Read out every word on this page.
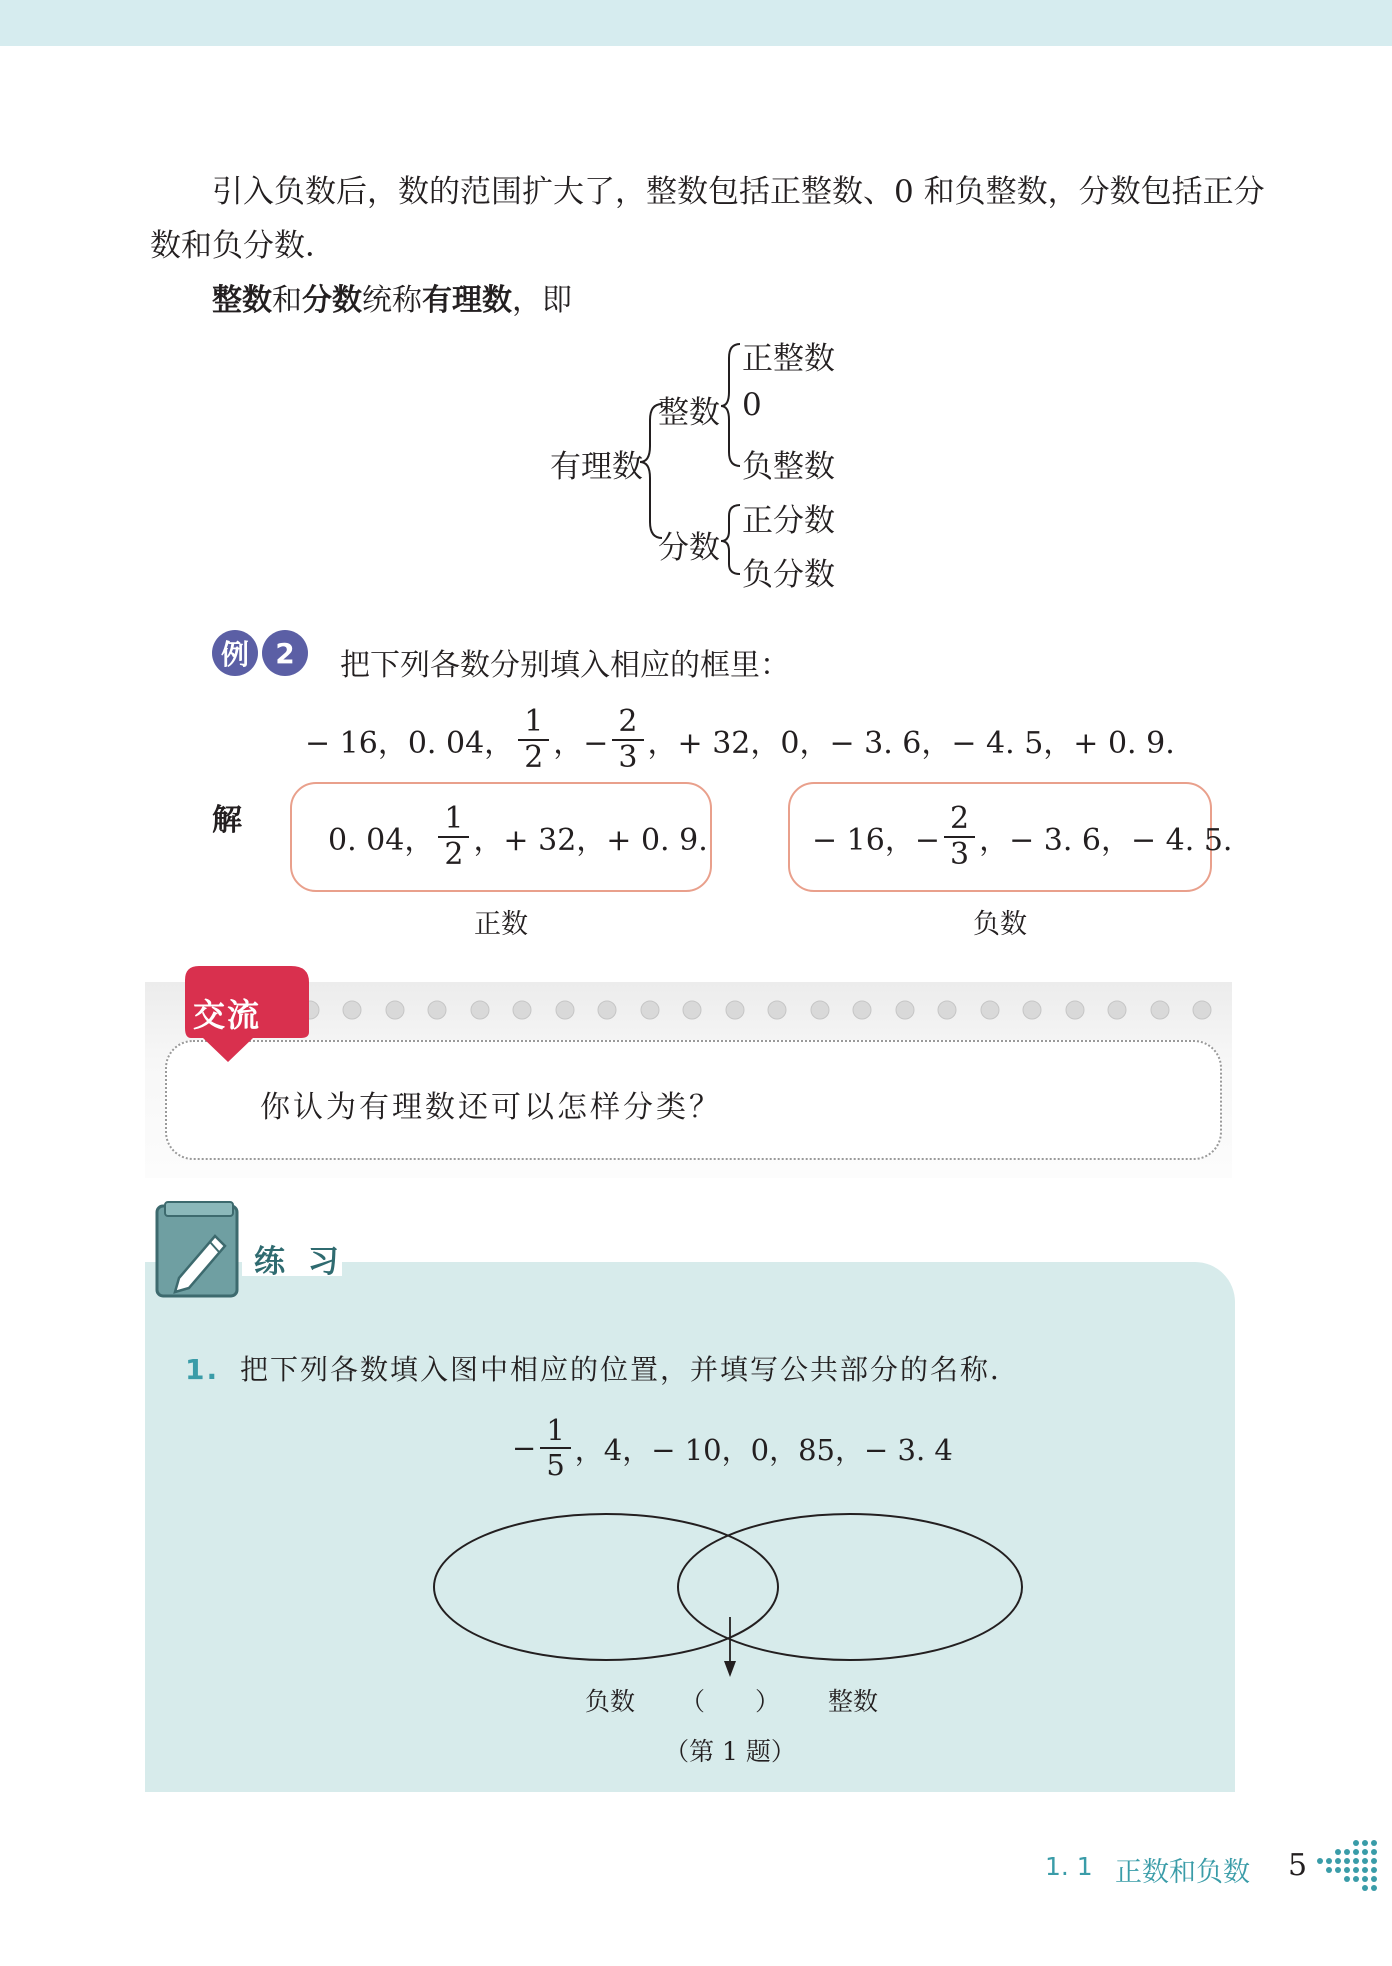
引入负数后，数的范围扩大了，整数包括正整数、0 和负整数，分数包括正分
数和负分数．
整数和分数统称有理数，即
有理数
整数
正整数
0
负整数
分数
正分数
负分数
例 2 把下列各数分别填入相应的框里：
− 16，0. 04， $\frac{1}{2}$ ，− $\frac{2}{3}$ ，+ 32，0，− 3. 6，− 4. 5，+ 0. 9.
解
0. 04， $\frac{1}{2}$ ，+ 32，+ 0. 9.
正数
− 16，− $\frac{2}{3}$ ，− 3. 6，− 4. 5.
负数
你认为有理数还可以怎样分类？
交流
练 习
1. 把下列各数填入图中相应的位置，并填写公共部分的名称．
− $\frac{1}{5}$ ，4，− 10，0，85，− 3. 4
负数	（　　）	整数
（第 1 题）
1. 1 正数和负数 5
